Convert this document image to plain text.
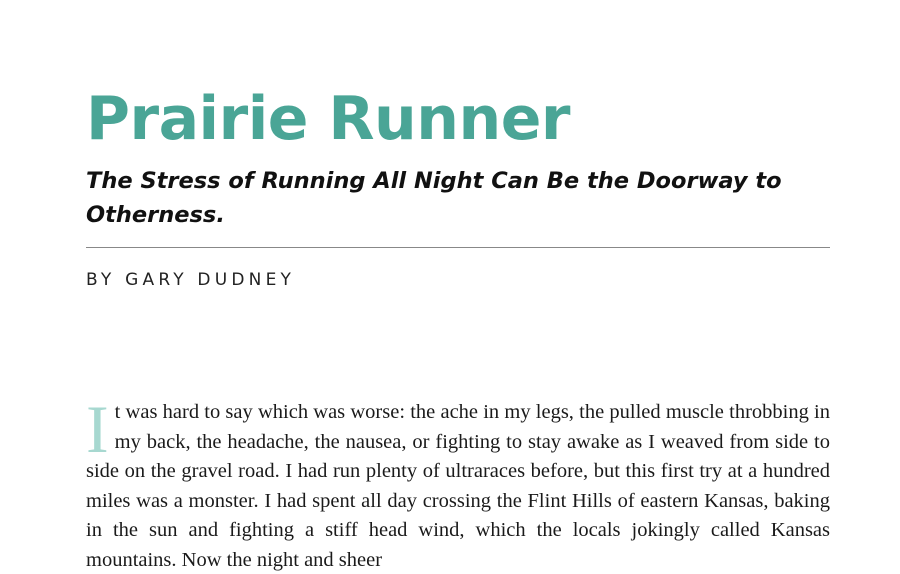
Prairie Runner
The Stress of Running All Night Can Be the Doorway to Otherness.
BY GARY DUDNEY

It was hard to say which was worse: the ache in my legs, the pulled muscle throbbing in my back, the headache, the nausea, or fighting to stay awake as I weaved from side to side on the gravel road. I had run plenty of ultraraces before, but this first try at a hundred miles was a monster. I had spent all day crossing the Flint Hills of eastern Kansas, baking in the sun and fighting a stiff head wind, which the locals jokingly called Kansas mountains. Now the night and sheer
